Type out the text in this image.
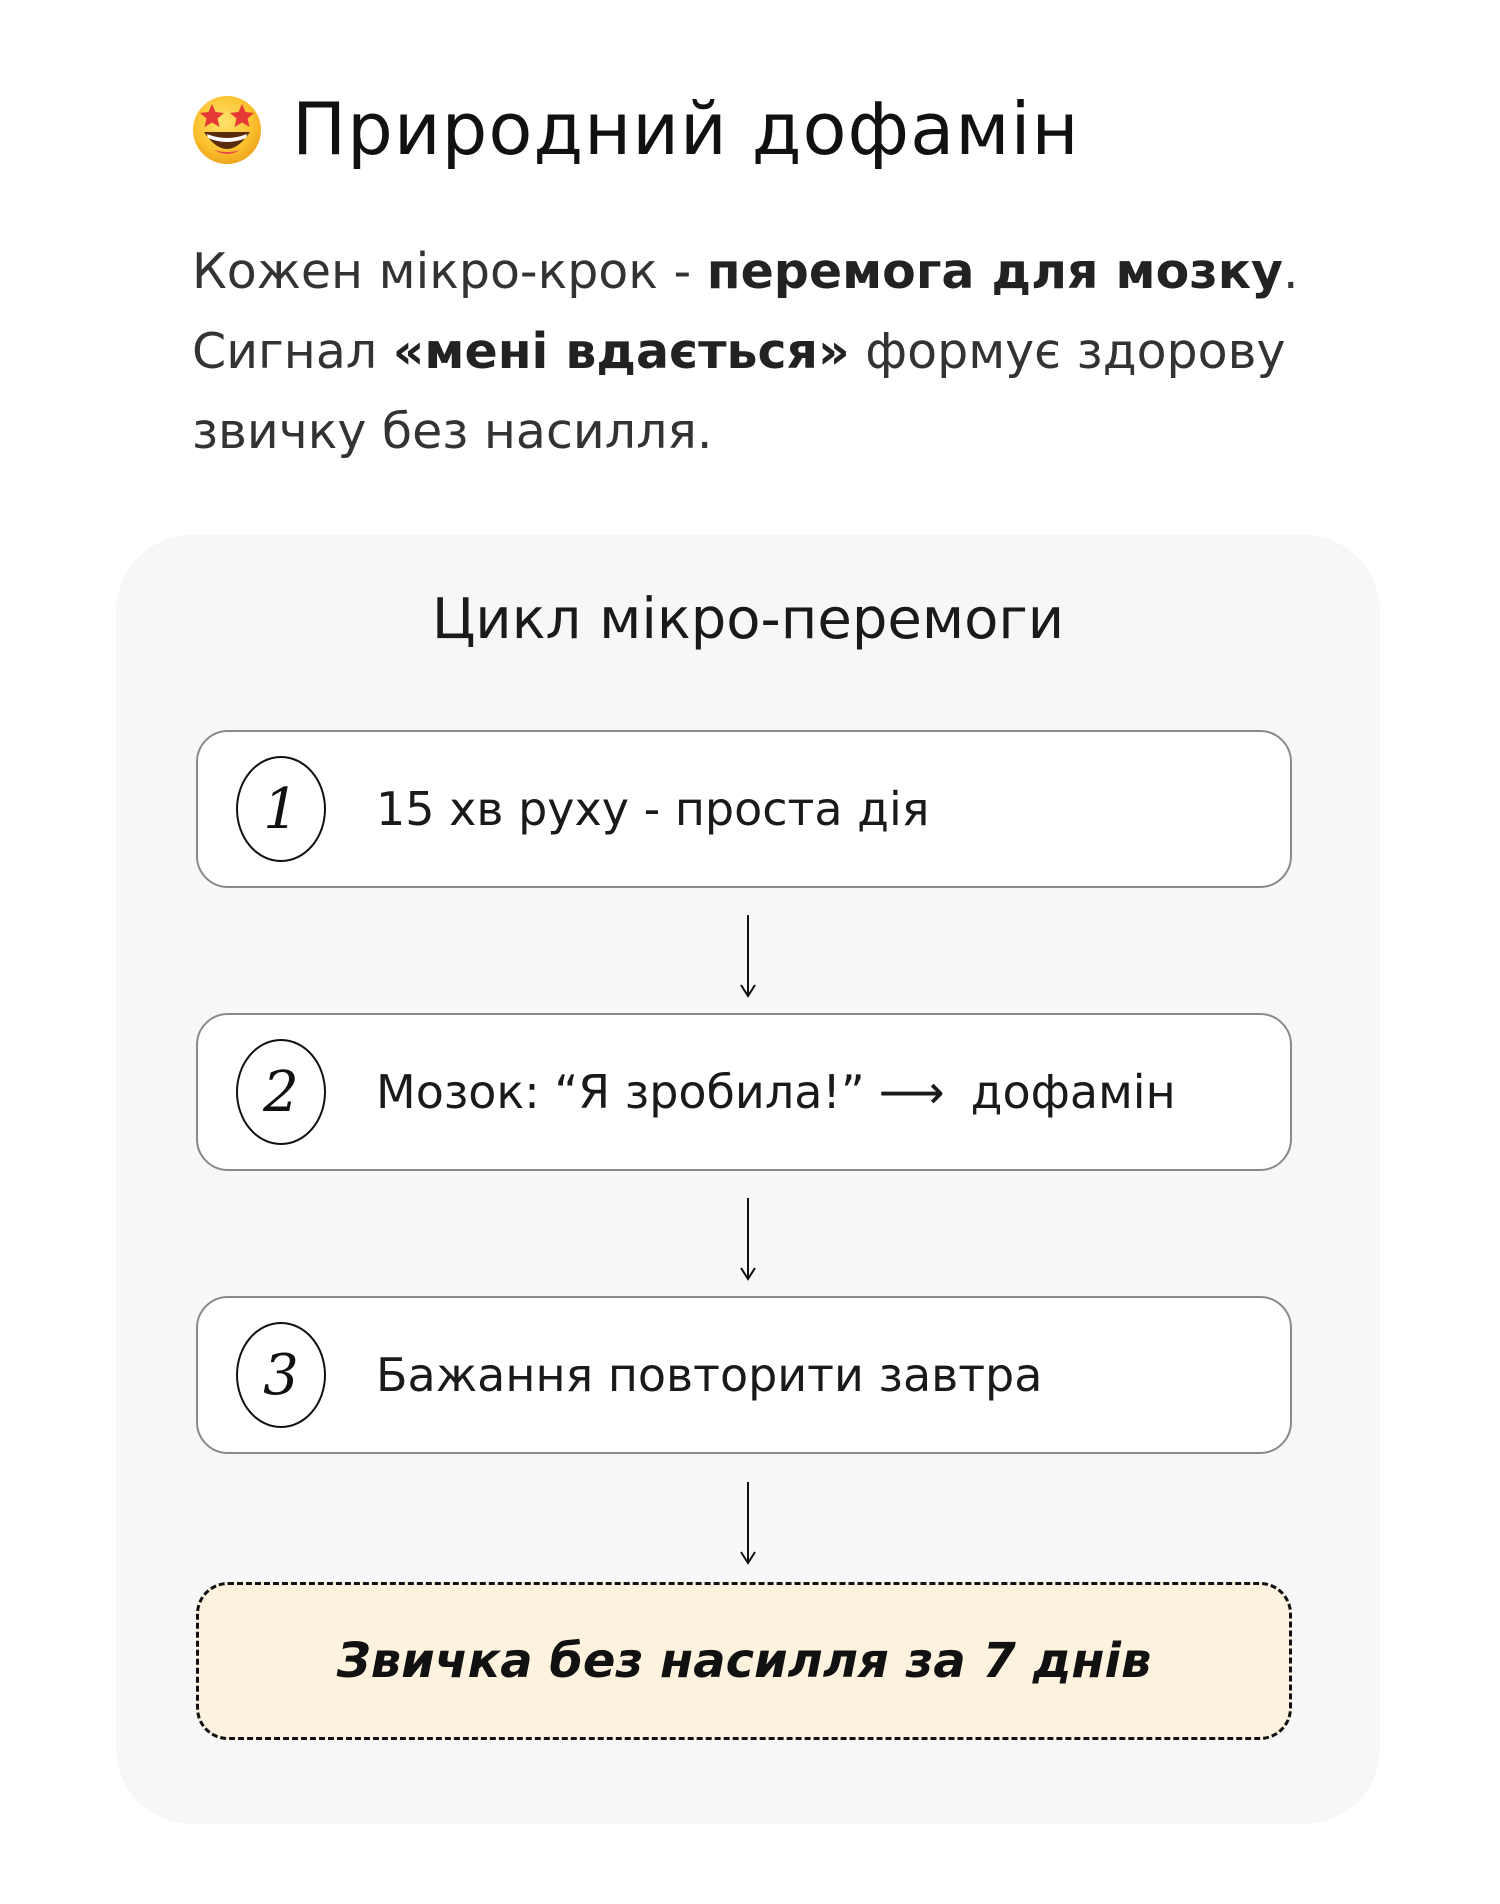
Природний дофамін
Кожен мікро-крок - перемога для мозку.
Сигнал «мені вдається» формує здорову звичку без насилля.
Цикл мікро-перемоги
1	15 хв руху - проста дія
2	Мозок: “Я зробила!” ⟶ дофамін
3	Бажання повторити завтра
Звичка без насилля за 7 днів
